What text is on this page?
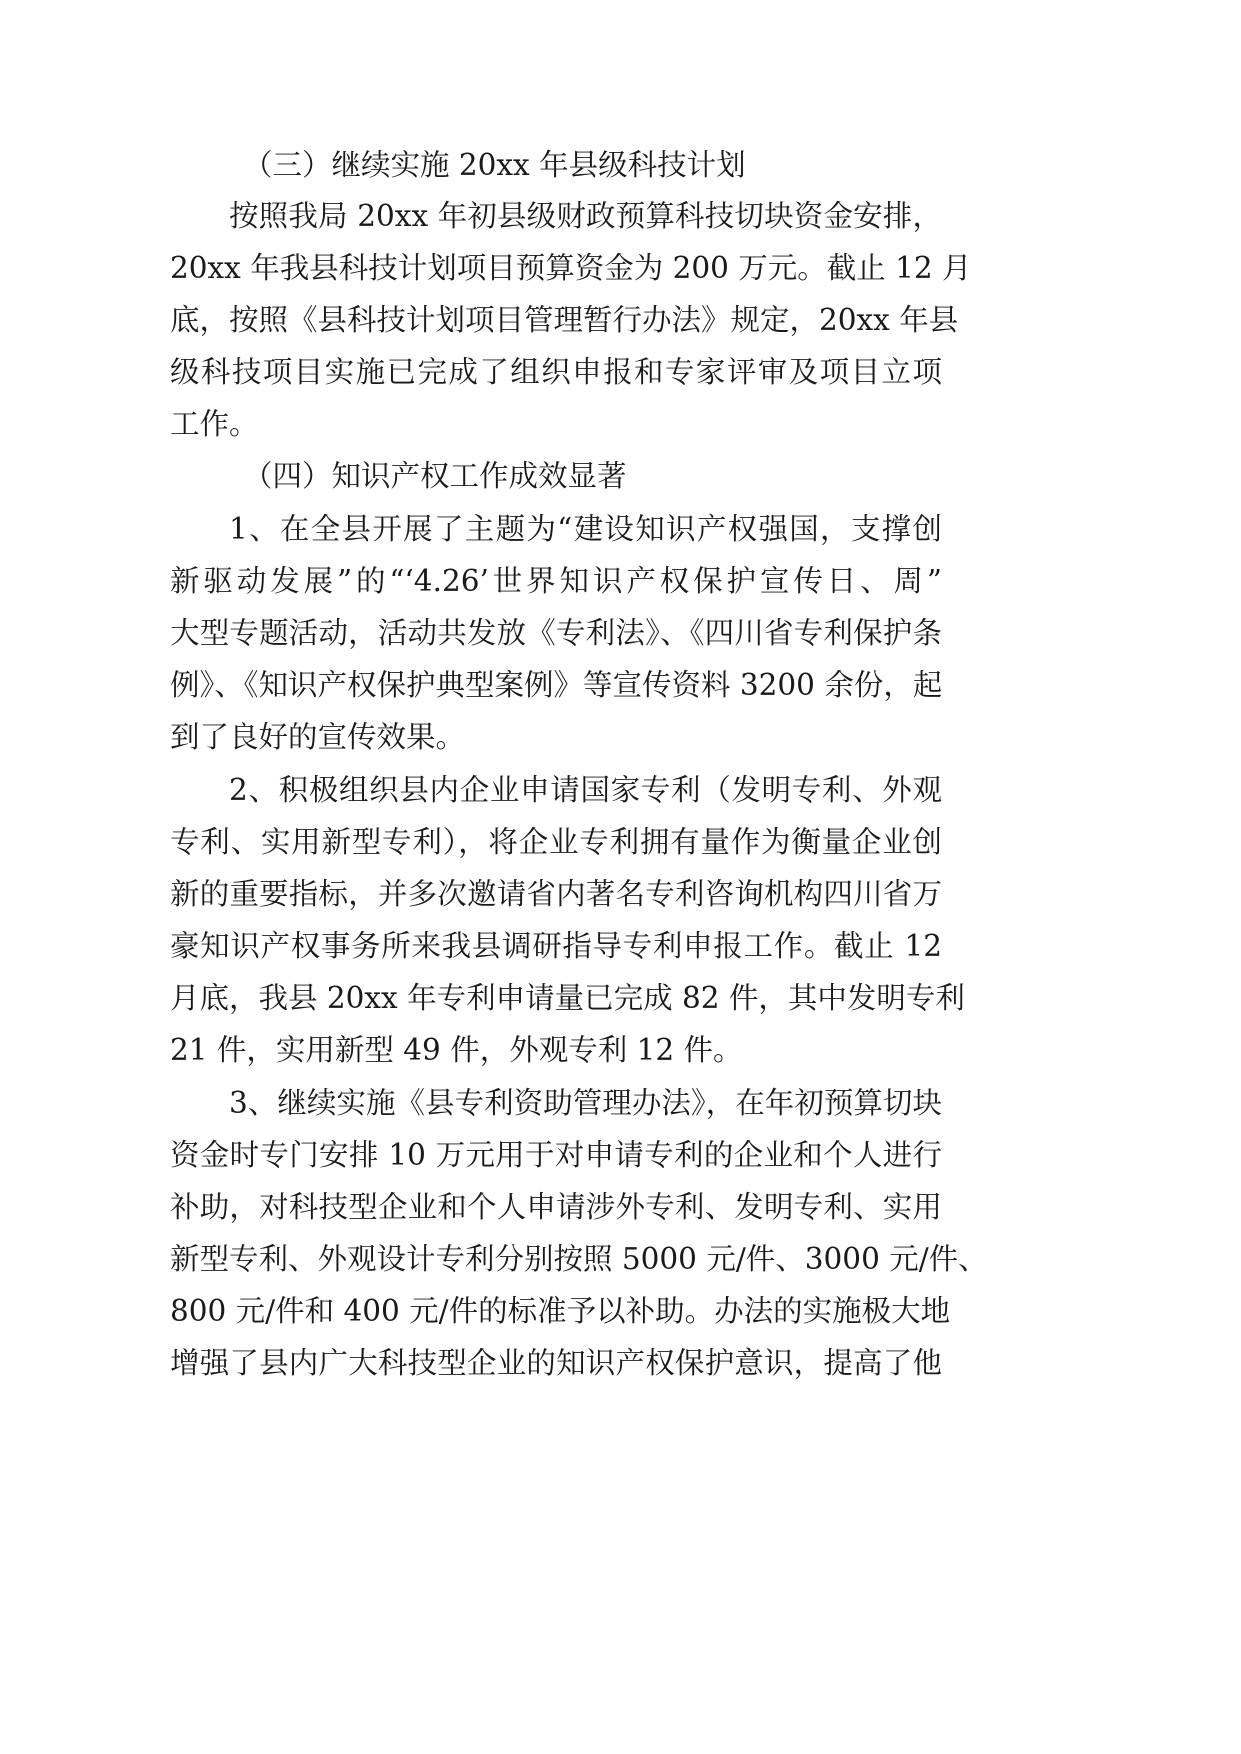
（三）继续实施 20xx 年县级科技计划
按照我局 20xx 年初县级财政预算科技切块资金安排，
20xx 年我县科技计划项目预算资金为 200 万元。截止 12 月
底，按照《县科技计划项目管理暂行办法》规定，20xx 年县
级科技项目实施已完成了组织申报和专家评审及项目立项
工作。
（四）知识产权工作成效显著
1、在全县开展了主题为“建设知识产权强国，支撑创
新驱动发展”的“‘4.26’世界知识产权保护宣传日、周”
大型专题活动，活动共发放《专利法》、《四川省专利保护条
例》、《知识产权保护典型案例》等宣传资料 3200 余份，起
到了良好的宣传效果。
2、积极组织县内企业申请国家专利（发明专利、外观
专利、实用新型专利），将企业专利拥有量作为衡量企业创
新的重要指标，并多次邀请省内著名专利咨询机构四川省万
豪知识产权事务所来我县调研指导专利申报工作。截止 12
月底，我县 20xx 年专利申请量已完成 82 件，其中发明专利
21 件，实用新型 49 件，外观专利 12 件。
3、继续实施《县专利资助管理办法》，在年初预算切块
资金时专门安排 10 万元用于对申请专利的企业和个人进行
补助，对科技型企业和个人申请涉外专利、发明专利、实用
新型专利、外观设计专利分别按照 5000 元/件、3000 元/件、
800 元/件和 400 元/件的标准予以补助。办法的实施极大地
增强了县内广大科技型企业的知识产权保护意识，提高了他
